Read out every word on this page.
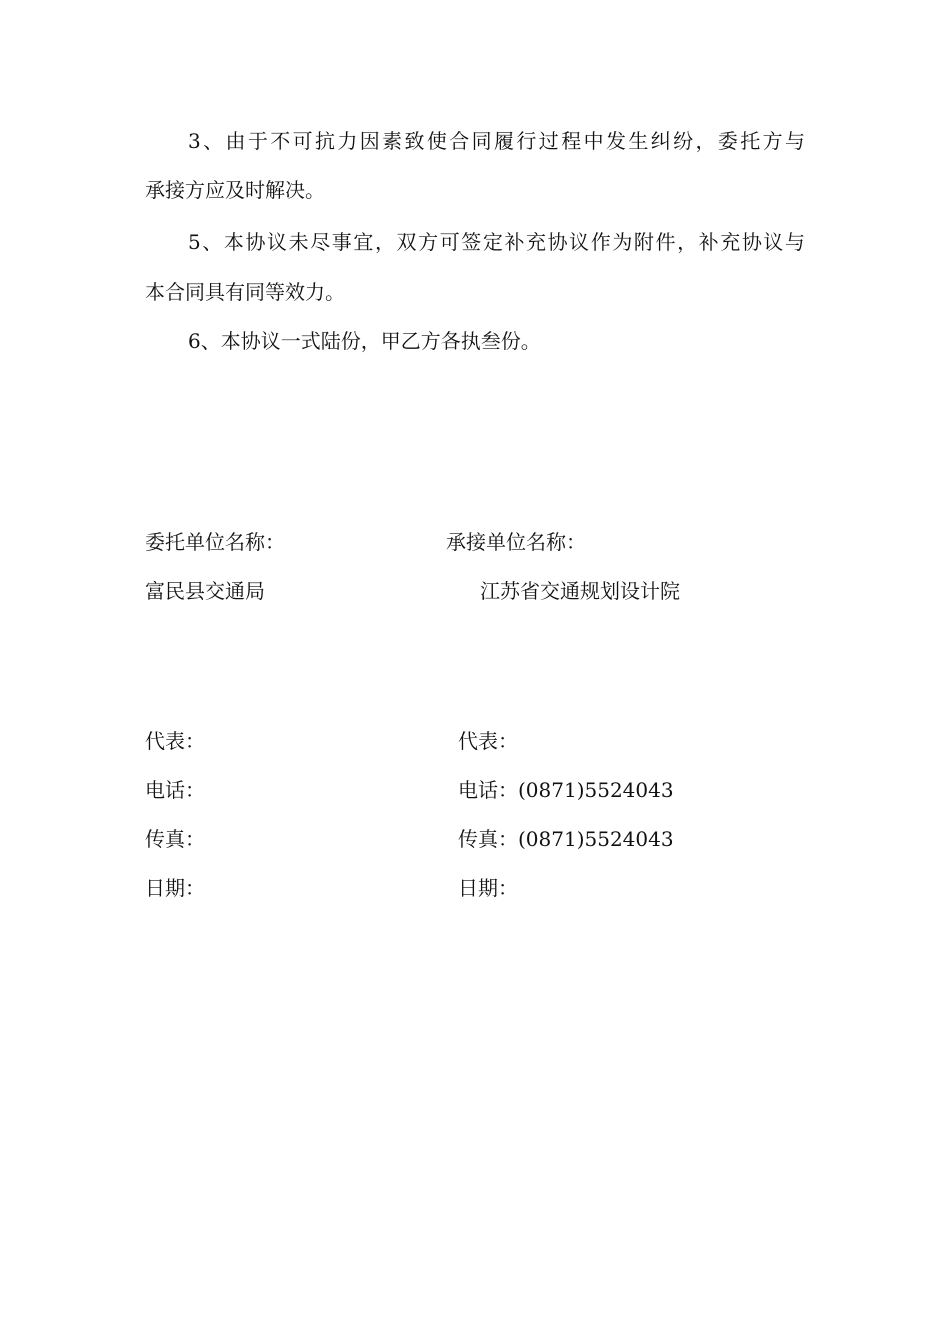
3、由于不可抗力因素致使合同履行过程中发生纠纷，委托方与
承接方应及时解决。
5、本协议未尽事宜，双方可签定补充协议作为附件，补充协议与
本合同具有同等效力。
6、本协议一式陆份，甲乙方各执叁份。
委托单位名称：	承接单位名称：
富民县交通局	江苏省交通规划设计院
代表：	代表：
电话：	电话：(0871)5524043
传真：	传真：(0871)5524043
日期：	日期：
